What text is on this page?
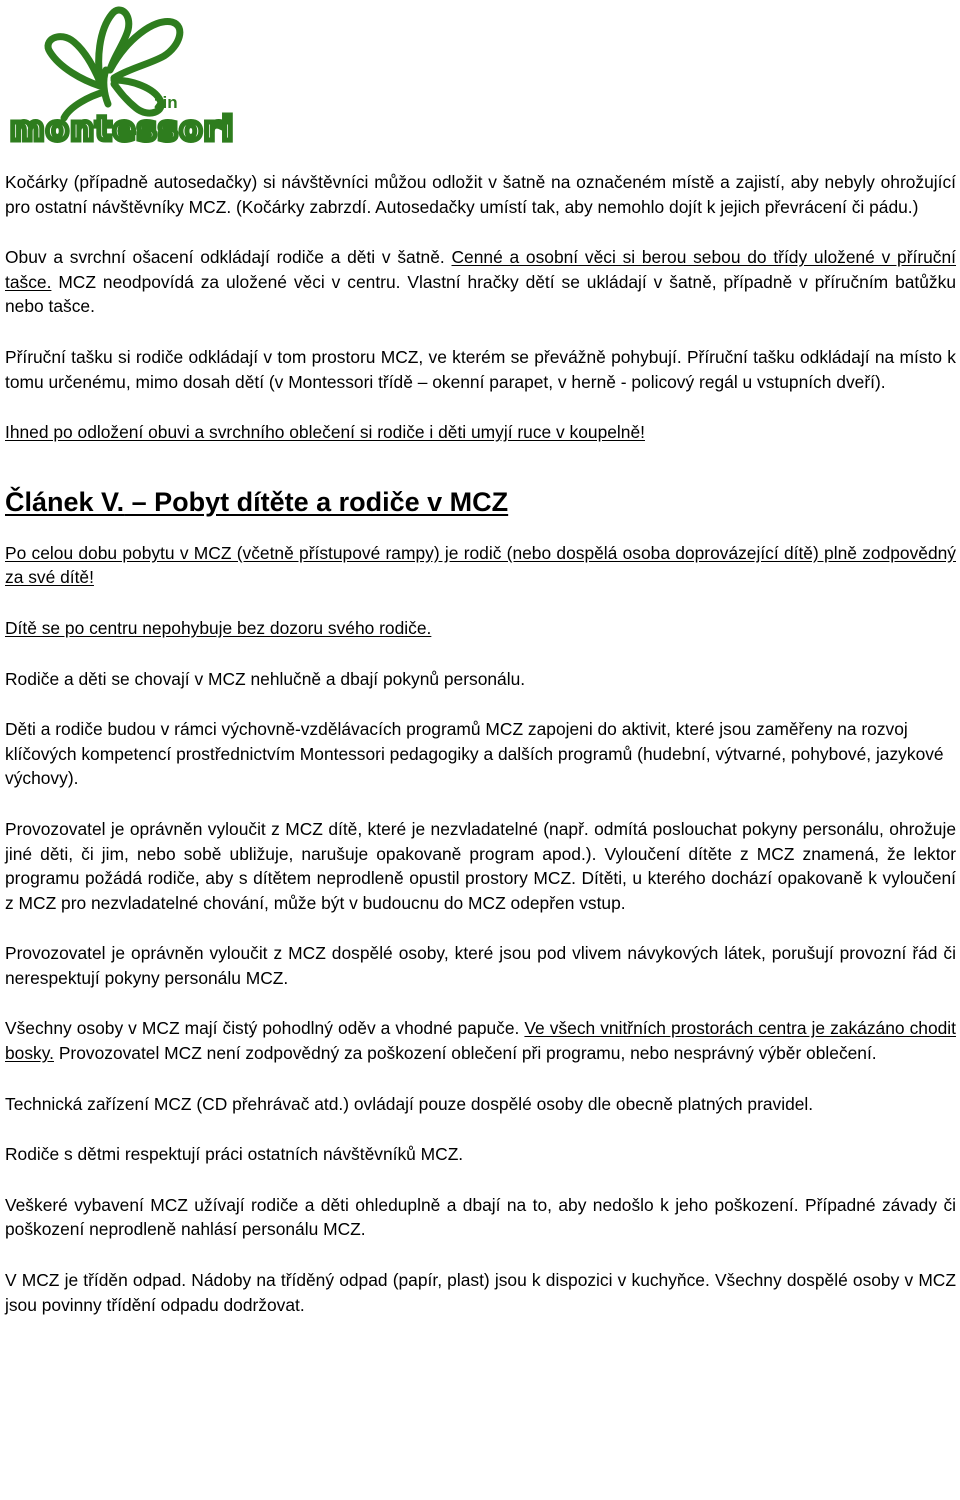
zin
montessori

Kočárky (případně autosedačky) si návštěvníci můžou odložit v šatně na označeném místě a zajistí, aby nebyly ohrožující pro ostatní návštěvníky MCZ. (Kočárky zabrzdí. Autosedačky umístí tak, aby nemohlo dojít k jejich převrácení či pádu.)

Obuv a svrchní ošacení odkládají rodiče a děti v šatně. Cenné a osobní věci si berou sebou do třídy uložené v příruční tašce. MCZ neodpovídá za uložené věci v centru. Vlastní hračky dětí se ukládají v šatně, případně v příručním batůžku nebo tašce.

Příruční tašku si rodiče odkládají v tom prostoru MCZ, ve kterém se převážně pohybují. Příruční tašku odkládají na místo k tomu určenému, mimo dosah dětí (v Montessori třídě – okenní parapet, v herně - policový regál u vstupních dveří).

Ihned po odložení obuvi a svrchního oblečení si rodiče i děti umyjí ruce v koupelně!

Článek V. – Pobyt dítěte a rodiče v MCZ

Po celou dobu pobytu v MCZ (včetně přístupové rampy) je rodič (nebo dospělá osoba doprovázející dítě) plně zodpovědný za své dítě!

Dítě se po centru nepohybuje bez dozoru svého rodiče.

Rodiče a děti se chovají v MCZ nehlučně a dbají pokynů personálu.

Děti a rodiče budou v rámci výchovně-vzdělávacích programů MCZ zapojeni do aktivit, které jsou zaměřeny na rozvoj klíčových kompetencí prostřednictvím Montessori pedagogiky a dalších programů (hudební, výtvarné, pohybové, jazykové výchovy).

Provozovatel je oprávněn vyloučit z MCZ dítě, které je nezvladatelné (např. odmítá poslouchat pokyny personálu, ohrožuje jiné děti, či jim, nebo sobě ubližuje, narušuje opakovaně program apod.). Vyloučení dítěte z MCZ znamená, že lektor programu požádá rodiče, aby s dítětem neprodleně opustil prostory MCZ. Dítěti, u kterého dochází opakovaně k vyloučení z MCZ pro nezvladatelné chování, může být v budoucnu do MCZ odepřen vstup.

Provozovatel je oprávněn vyloučit z MCZ dospělé osoby, které jsou pod vlivem návykových látek, porušují provozní řád či nerespektují pokyny personálu MCZ.

Všechny osoby v MCZ mají čistý pohodlný oděv a vhodné papuče. Ve všech vnitřních prostorách centra je zakázáno chodit bosky. Provozovatel MCZ není zodpovědný za poškození oblečení při programu, nebo nesprávný výběr oblečení.

Technická zařízení MCZ (CD přehrávač atd.) ovládají pouze dospělé osoby dle obecně platných pravidel.

Rodiče s dětmi respektují práci ostatních návštěvníků MCZ.

Veškeré vybavení MCZ užívají rodiče a děti ohleduplně a dbají na to, aby nedošlo k jeho poškození. Případné závady či poškození neprodleně nahlásí personálu MCZ.

V MCZ je tříděn odpad. Nádoby na tříděný odpad (papír, plast) jsou k dispozici v kuchyňce. Všechny dospělé osoby v MCZ jsou povinny třídění odpadu dodržovat.
